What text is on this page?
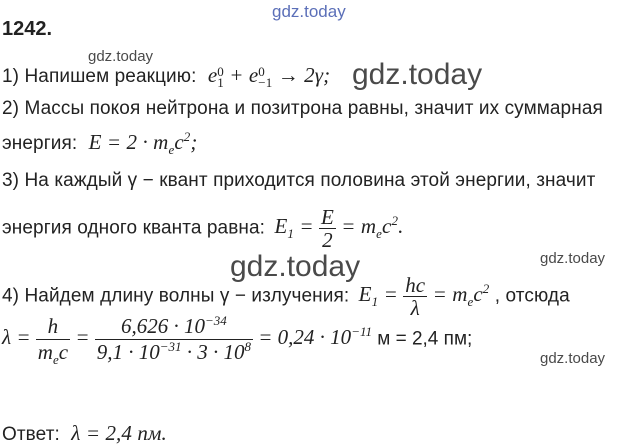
gdz.today
gdz.today
gdz.today
gdz.today	gdz.today
gdz.today
1242.
1) Напишем реакцию: e 0
1 + e 0
−1 → 2γ;
2) Массы покоя нейтрона и позитрона равны, значит их суммарная
энергия: $E = 2 \cdot m_ec^2$;
3) На каждый γ − квант приходится половина этой энергии, значит
энергия одного кванта равна: $E_1 = \frac{E}{2} = m_ec^2$.
4) Найдем длину волны γ − излучения: $E_1 = \frac{hc}{\lambda} = m_ec^2$ , отсюда
$\lambda = \frac{h}{m_ec} = \frac{6,626 \cdot 10^{-34}}{9,1 \cdot 10^{-31} \cdot 3 \cdot 10^8} = 0,24 \cdot 10^{-11}$ м = 2,4 пм;
Ответ: λ = 2,4 пм.
